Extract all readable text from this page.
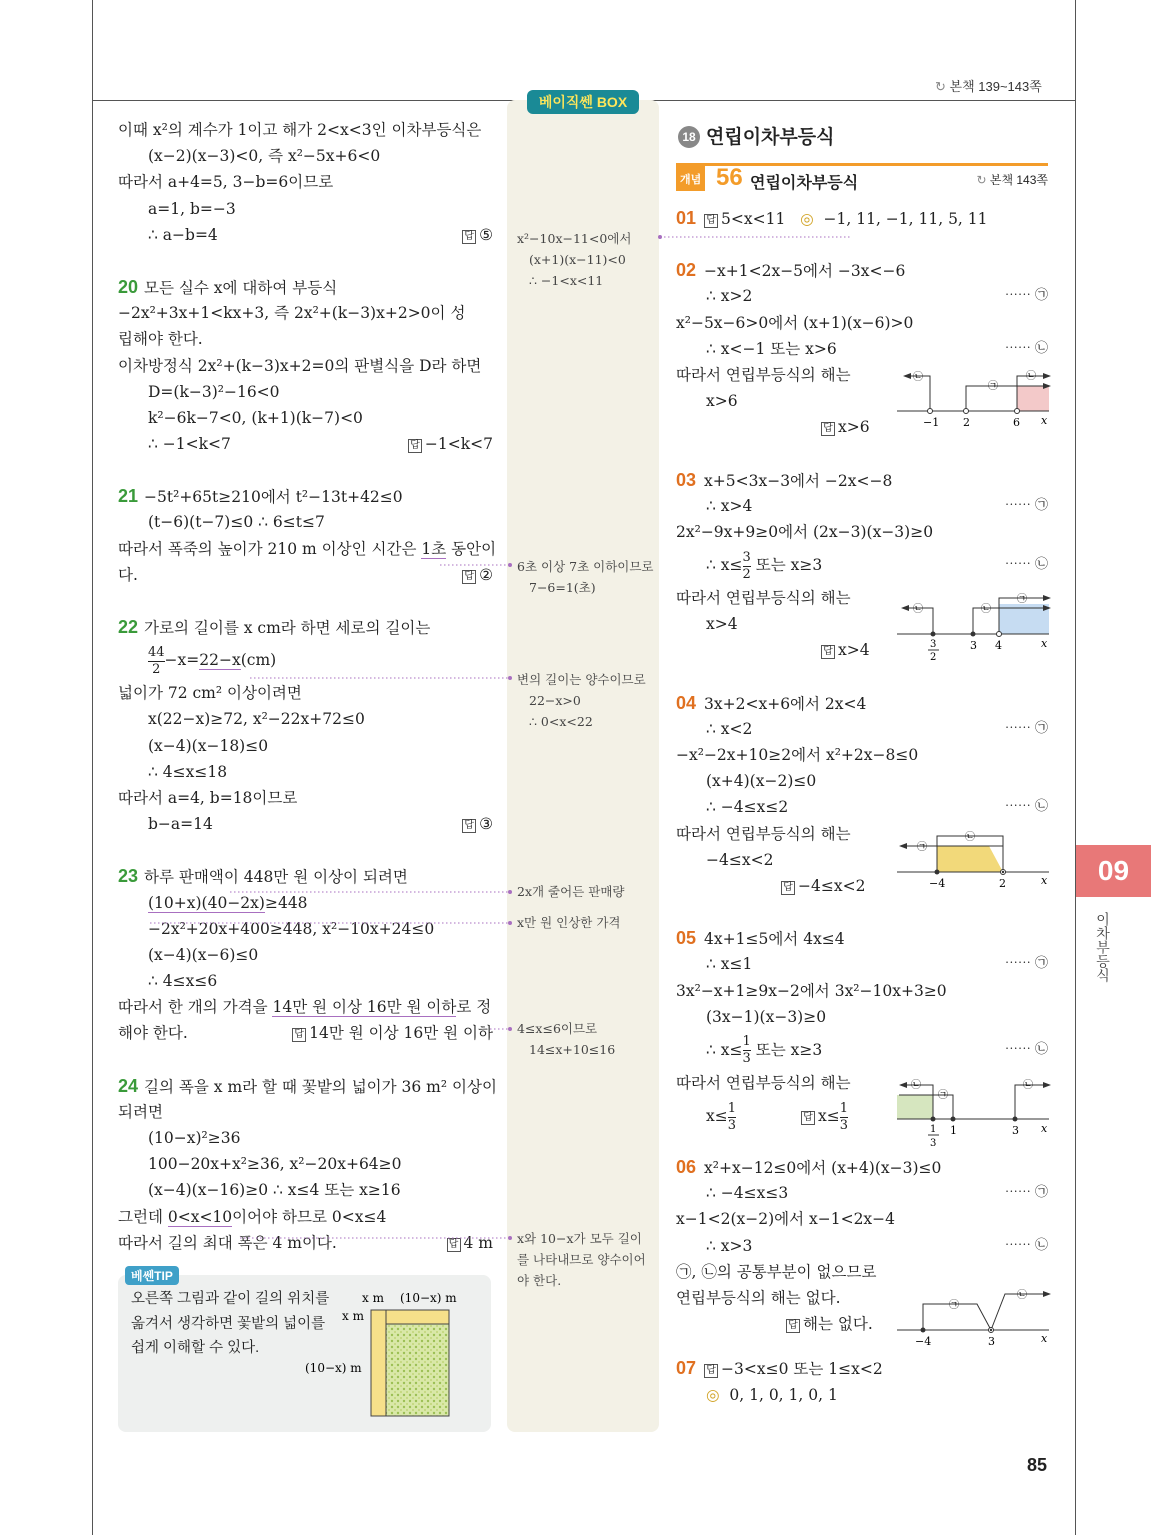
↻ 본책 139~143쪽
베이직쎈 BOX
이때 x²의 계수가 1이고 해가 2<x<3인 이차부등식은
(x−2)(x−3)<0, 즉 x²−5x+6<0
따라서 a+4=5, 3−b=6이므로
a=1, b=−3
∴ a−b=4	답 ⑤
20 모든 실수 x에 대하여 부등식
−2x²+3x+1<kx+3, 즉 2x²+(k−3)x+2>0이 성
립해야 한다.
이차방정식 2x²+(k−3)x+2=0의 판별식을 D라 하면
D=(k−3)²−16<0
k²−6k−7<0, (k+1)(k−7)<0
∴ −1<k<7	답 −1<k<7
21 −5t²+65t≥210에서 t²−13t+42≤0
(t−6)(t−7)≤0 ∴ 6≤t≤7
따라서 폭죽의 높이가 210 m 이상인 시간은 1초 동안이
다.	답 ②
22 가로의 길이를 x cm라 하면 세로의 길이는
$\frac{44}{2} -x=22-x(cm)$
넓이가 72 cm² 이상이려면
x(22−x)≥72, x²−22x+72≤0
(x−4)(x−18)≤0
∴ 4≤x≤18
따라서 a=4, b=18이므로
b−a=14	답 ③
23 하루 판매액이 448만 원 이상이 되려면
(10+x)(40−2x)≥448
−2x²+20x+400≥448, x²−10x+24≤0
(x−4)(x−6)≤0
∴ 4≤x≤6
따라서 한 개의 가격을 14만 원 이상 16만 원 이하로 정
해야 한다.	답 14만 원 이상 16만 원 이하
24 길의 폭을 x m라 할 때 꽃밭의 넓이가 36 m² 이상이
되려면
(10−x)²≥36
100−20x+x²≥36, x²−20x+64≥0
(x−4)(x−16)≥0 ∴ x≤4 또는 x≥16
그런데 0<x<10이어야 하므로 0<x≤4
따라서 길의 최대 폭은 4 m이다.	답 4 m
베쎈TIP
오른쪽 그림과 같이 길의 위치를 옮겨서 생각하면 꽃밭의 넓이를 쉽게 이해할 수 있다.
x m (10−x) m
x m
(10−x) m
x²−10x−11<0에서
(x+1)(x−11)<0
∴ −1<x<11
6초 이상 7초 이하이므로
7−6=1(초)
변의 길이는 양수이므로
22−x>0
∴ 0<x<22
2x개 줄어든 판매량
x만 원 인상한 가격
4≤x≤6이므로
14≤x+10≤16
x와 10−x가 모두 길이
를 나타내므로 양수이어
야 한다.
18 연립이차부등식
개념 56 연립이차부등식	↻ 본책 143쪽
01 답 5<x<11 ◎ −1, 11, −1, 11, 5, 11
02 −x+1<2x−5에서 −3x<−6
∴ x>2	⋯⋯ ㉠
x²−5x−6>0에서 (x+1)(x−6)>0
∴ x<−1 또는 x>6	⋯⋯ ㉡
따라서 연립부등식의 해는
x>6
답 x>6
03 x+5<3x−3에서 −2x<−8
∴ x>4	⋯⋯ ㉠
2x²−9x+9≥0에서 (2x−3)(x−3)≥0
∴ $x\le \frac{3}{2}$ 또는 x≥3	⋯⋯ ㉡
따라서 연립부등식의 해는
x>4
답 x>4
04 3x+2<x+6에서 2x<4
∴ x<2	⋯⋯ ㉠
−x²−2x+10≥2에서 x²+2x−8≤0
(x+4)(x−2)≤0
∴ −4≤x≤2	⋯⋯ ㉡
따라서 연립부등식의 해는
−4≤x<2
답 −4≤x<2
05 4x+1≤5에서 4x≤4
∴ x≤1	⋯⋯ ㉠
3x²−x+1≥9x−2에서 3x²−10x+3≥0
(3x−1)(x−3)≥0
∴ $x\le \frac{1}{3}$ 또는 x≥3	⋯⋯ ㉡
따라서 연립부등식의 해는
$x\le \frac{1}{3}$	답 $x\le \frac{1}{3}$
06 x²+x−12≤0에서 (x+4)(x−3)≤0
∴ −4≤x≤3	⋯⋯ ㉠
x−1<2(x−2)에서 x−1<2x−4
∴ x>3	⋯⋯ ㉡
㉠, ㉡의 공통부분이 없으므로
연립부등식의 해는 없다.
답 해는 없다.
07 답 −3<x≤0 또는 1≤x<2
◎ 0, 1, 0, 1, 0, 1
㉡
㉠
㉡
−1 2	6 x
㉡	㉡
㉠
3
2
3 4	x
㉠
㉡
−4	2	x
㉡
㉠
㉡
1
3
1	3 x
㉠
㉡
−4	3	x
09
이차부등식
85
